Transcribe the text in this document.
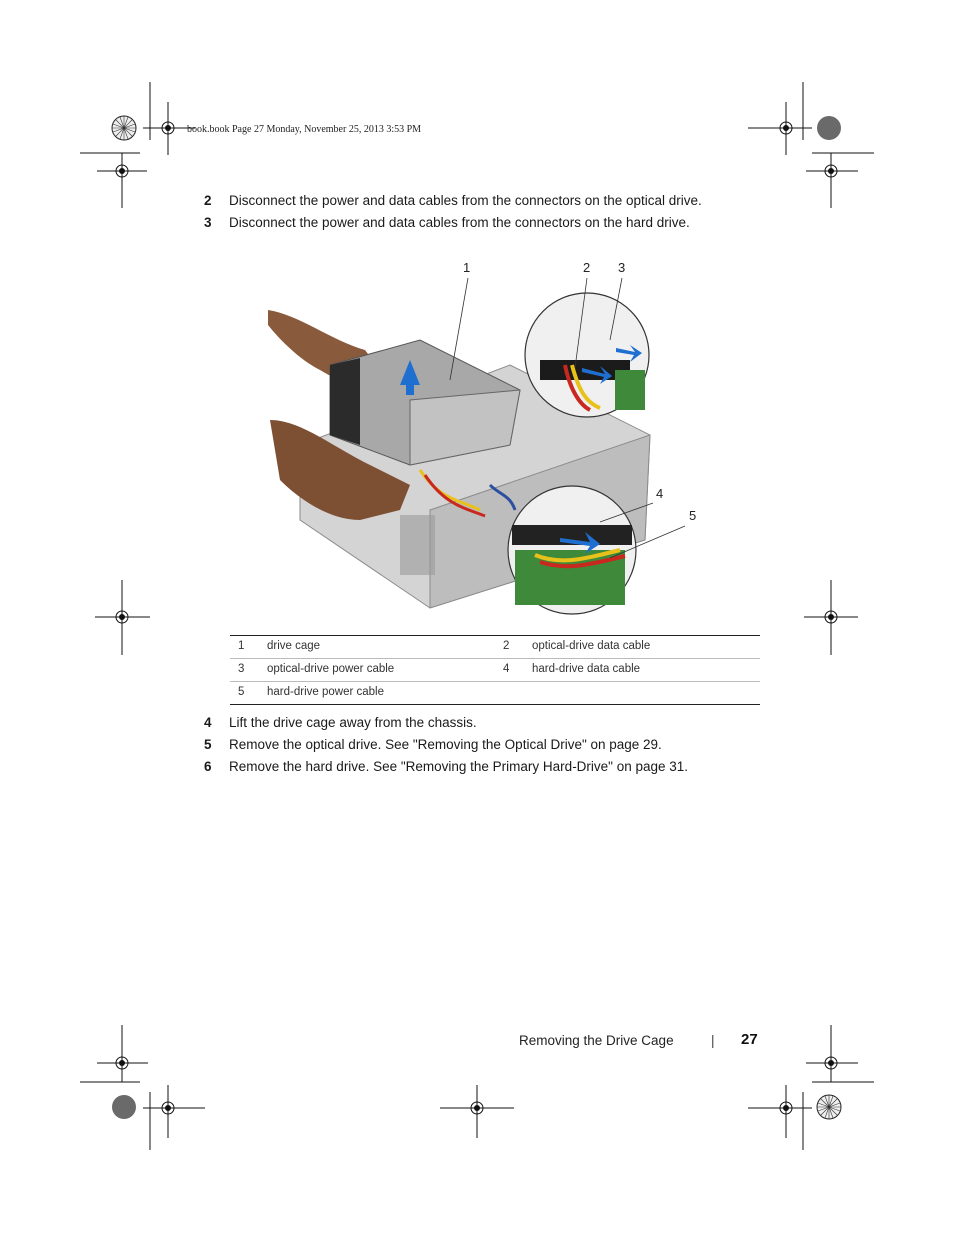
book.book Page 27 Monday, November 25, 2013 3:53 PM
2 Disconnect the power and data cables from the connectors on the optical drive.
3 Disconnect the power and data cables from the connectors on the hard drive.
1	2 3
4
5
1 drive cage	2 optical-drive data cable
3 optical-drive power cable	4 hard-drive data cable
5 hard-drive power cable
4 Lift the drive cage away from the chassis.
5 Remove the optical drive. See "Removing the Optical Drive" on page 29.
6 Remove the hard drive. See "Removing the Primary Hard-Drive" on page 31.
Removing the Drive Cage	| 27
